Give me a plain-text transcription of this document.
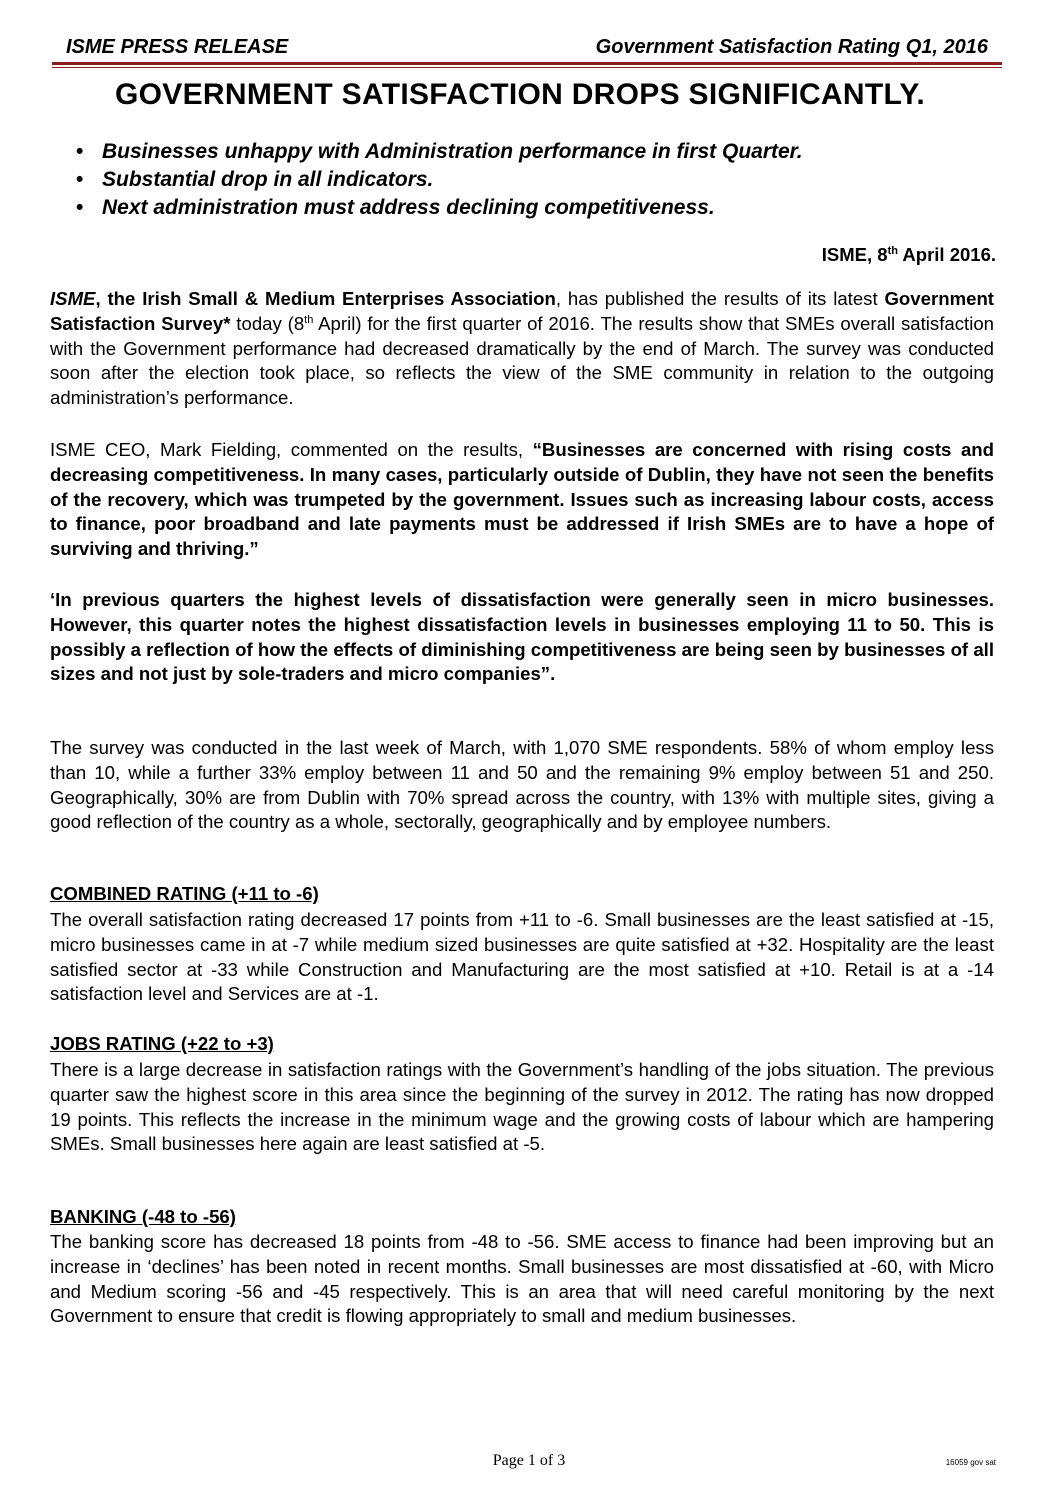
ISME PRESS RELEASE	Government Satisfaction Rating Q1, 2016
GOVERNMENT SATISFACTION DROPS SIGNIFICANTLY.
• Businesses unhappy with Administration performance in first Quarter.
• Substantial drop in all indicators.
• Next administration must address declining competitiveness.
ISME, 8th April 2016.

ISME, the Irish Small & Medium Enterprises Association, has published the results of its latest Government Satisfaction Survey* today (8th April) for the first quarter of 2016. The results show that SMEs overall satisfaction with the Government performance had decreased dramatically by the end of March. The survey was conducted soon after the election took place, so reflects the view of the SME community in relation to the outgoing administration’s performance.

ISME CEO, Mark Fielding, commented on the results, “Businesses are concerned with rising costs and decreasing competitiveness. In many cases, particularly outside of Dublin, they have not seen the benefits of the recovery, which was trumpeted by the government. Issues such as increasing labour costs, access to finance, poor broadband and late payments must be addressed if Irish SMEs are to have a hope of surviving and thriving.”

‘In previous quarters the highest levels of dissatisfaction were generally seen in micro businesses. However, this quarter notes the highest dissatisfaction levels in businesses employing 11 to 50. This is possibly a reflection of how the effects of diminishing competitiveness are being seen by businesses of all sizes and not just by sole-traders and micro companies”.

The survey was conducted in the last week of March, with 1,070 SME respondents. 58% of whom employ less than 10, while a further 33% employ between 11 and 50 and the remaining 9% employ between 51 and 250. Geographically, 30% are from Dublin with 70% spread across the country, with 13% with multiple sites, giving a good reflection of the country as a whole, sectorally, geographically and by employee numbers.

COMBINED RATING (+11 to -6)

The overall satisfaction rating decreased 17 points from +11 to -6. Small businesses are the least satisfied at -15, micro businesses came in at -7 while medium sized businesses are quite satisfied at +32. Hospitality are the least satisfied sector at -33 while Construction and Manufacturing are the most satisfied at +10. Retail is at a -14 satisfaction level and Services are at -1.

JOBS RATING (+22 to +3)

There is a large decrease in satisfaction ratings with the Government’s handling of the jobs situation. The previous quarter saw the highest score in this area since the beginning of the survey in 2012. The rating has now dropped 19 points. This reflects the increase in the minimum wage and the growing costs of labour which are hampering SMEs. Small businesses here again are least satisfied at -5.

BANKING (-48 to -56)

The banking score has decreased 18 points from -48 to -56. SME access to finance had been improving but an increase in ‘declines’ has been noted in recent months. Small businesses are most dissatisfied at -60, with Micro and Medium scoring -56 and -45 respectively. This is an area that will need careful monitoring by the next Government to ensure that credit is flowing appropriately to small and medium businesses.

Page 1 of 3	16059 gov sat
